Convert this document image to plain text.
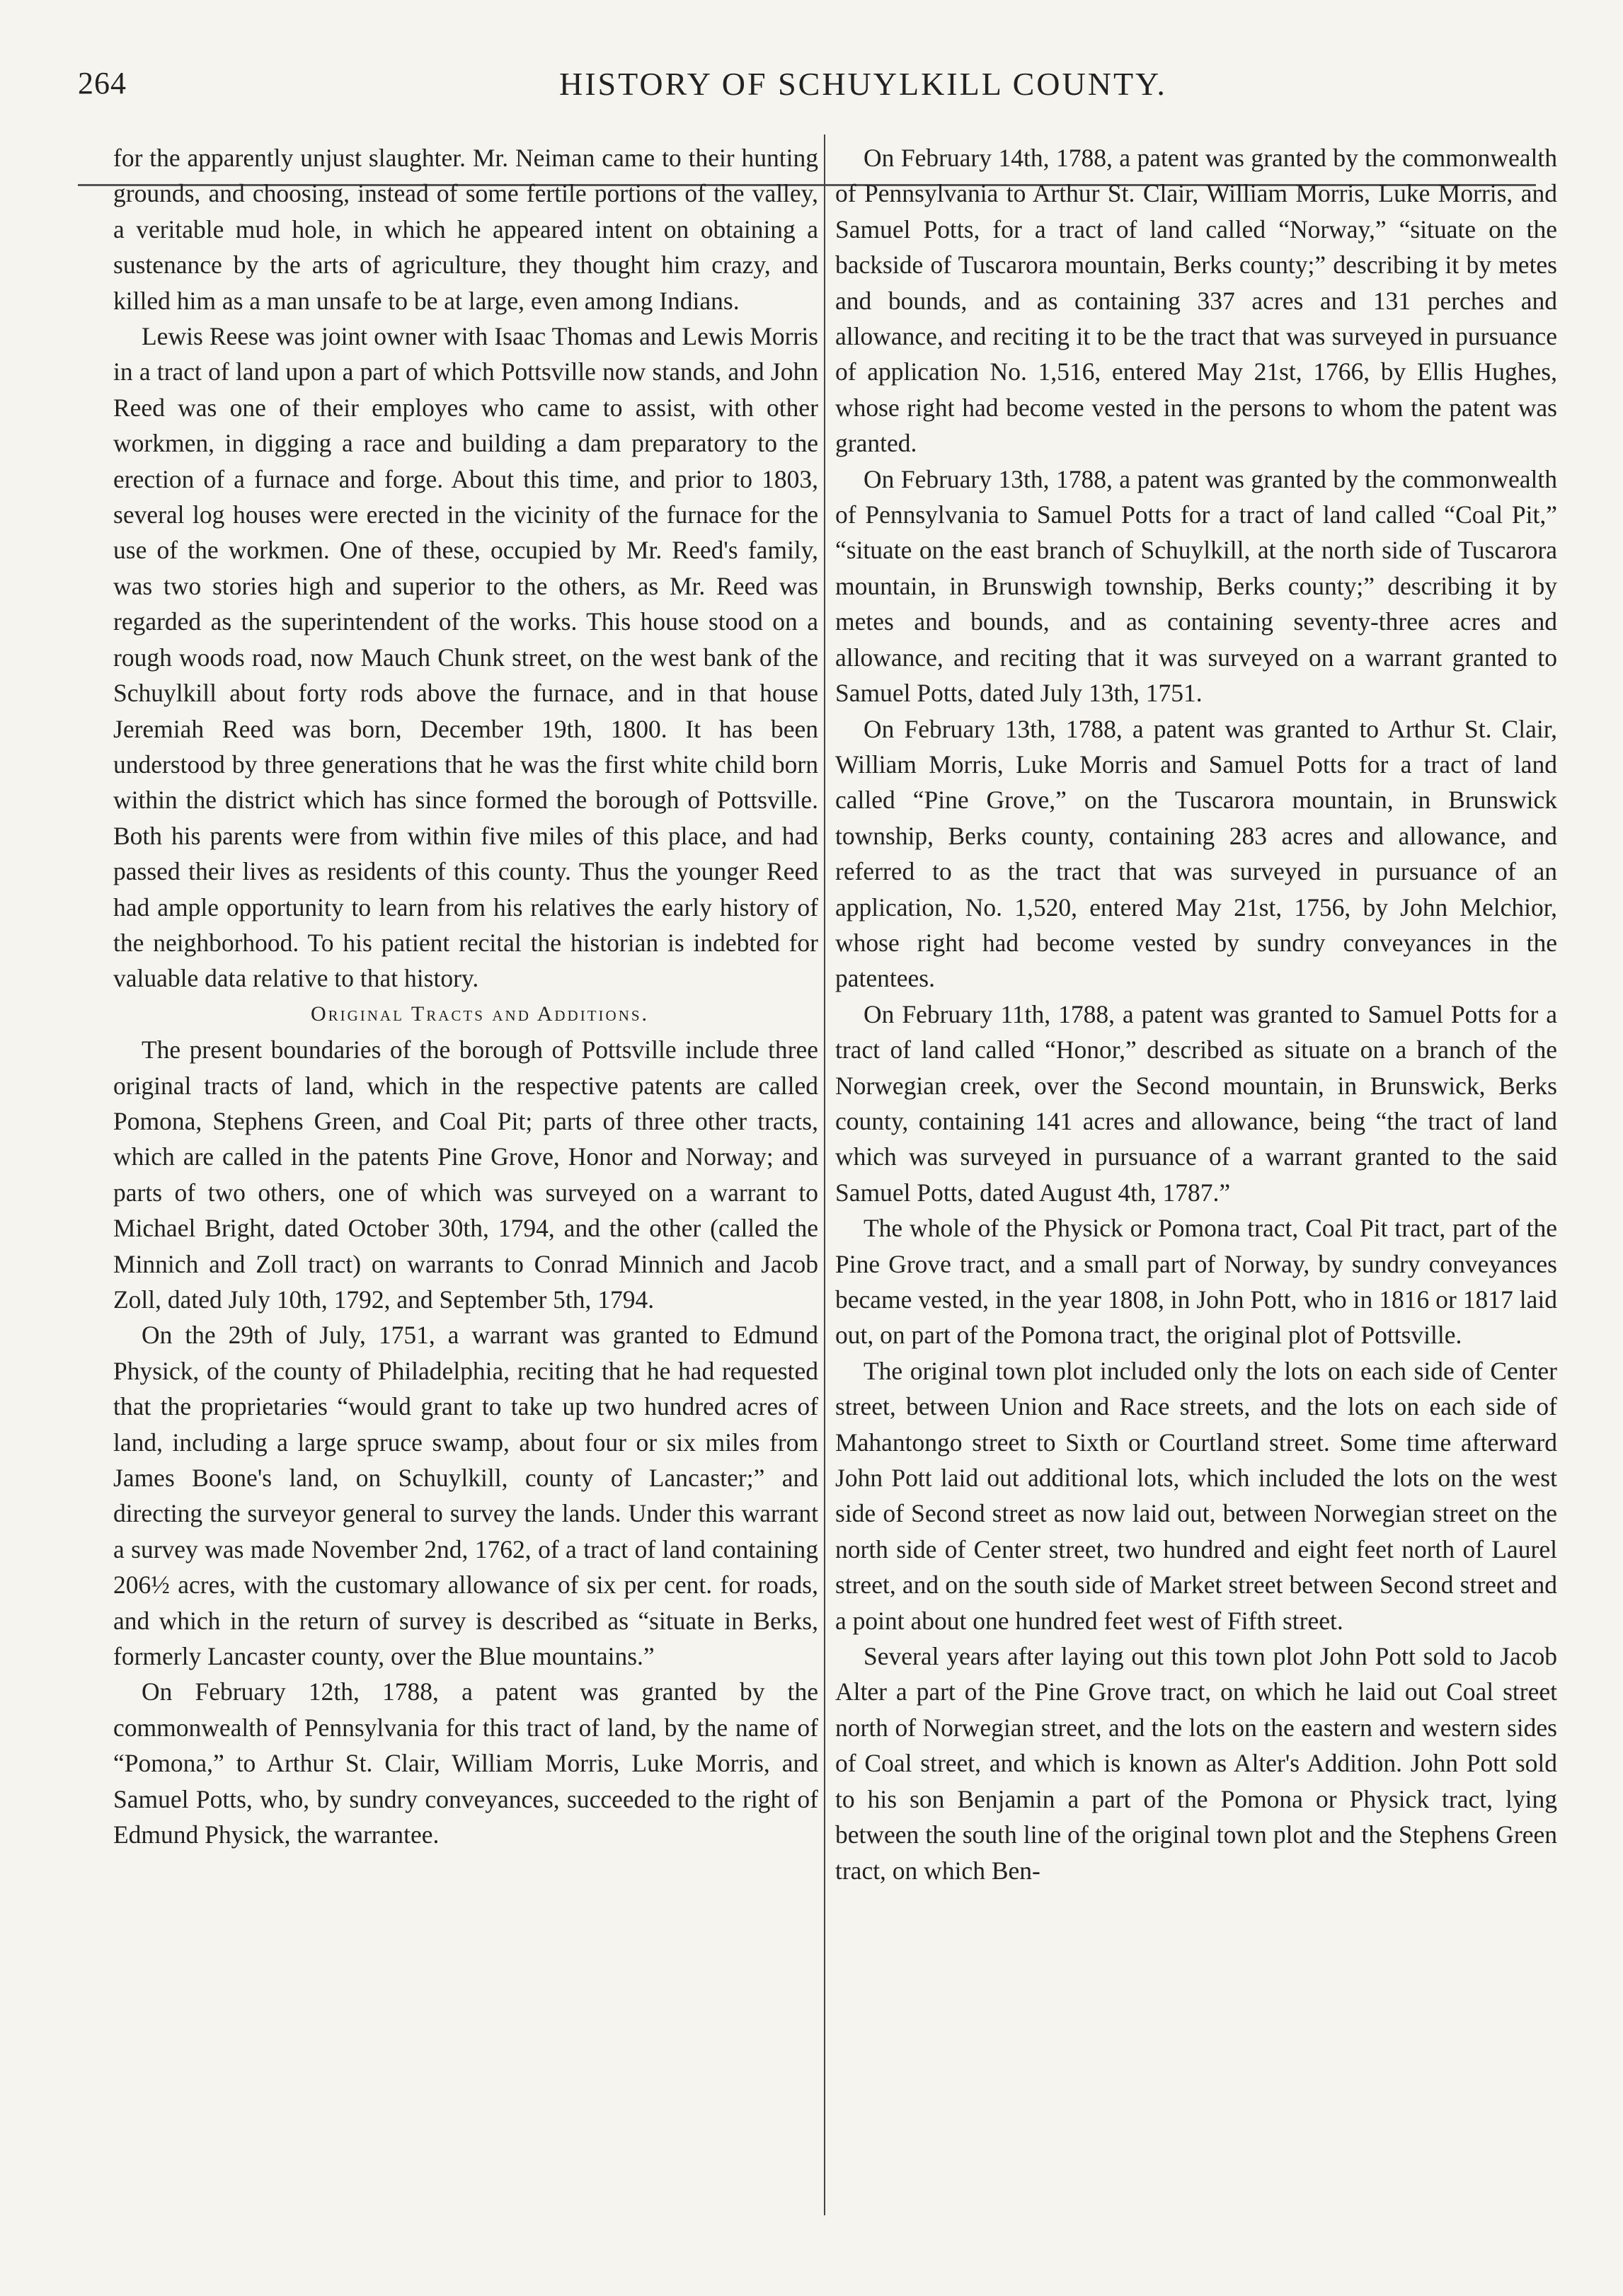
264	HISTORY OF SCHUYLKILL COUNTY.

for the apparently unjust slaughter. Mr. Neiman came to their hunting grounds, and choosing, instead of some fertile portions of the valley, a veritable mud hole, in which he appeared intent on obtaining a sustenance by the arts of agriculture, they thought him crazy, and killed him as a man unsafe to be at large, even among Indians.

Lewis Reese was joint owner with Isaac Thomas and Lewis Morris in a tract of land upon a part of which Pottsville now stands, and John Reed was one of their employes who came to assist, with other workmen, in digging a race and building a dam preparatory to the erection of a furnace and forge. About this time, and prior to 1803, several log houses were erected in the vicinity of the furnace for the use of the workmen. One of these, occupied by Mr. Reed's family, was two stories high and superior to the others, as Mr. Reed was regarded as the superintendent of the works. This house stood on a rough woods road, now Mauch Chunk street, on the west bank of the Schuylkill about forty rods above the furnace, and in that house Jeremiah Reed was born, December 19th, 1800. It has been understood by three generations that he was the first white child born within the district which has since formed the borough of Pottsville. Both his parents were from within five miles of this place, and had passed their lives as residents of this county. Thus the younger Reed had ample opportunity to learn from his relatives the early history of the neighborhood. To his patient recital the historian is indebted for valuable data relative to that history.

Original Tracts and Additions.

The present boundaries of the borough of Pottsville include three original tracts of land, which in the respective patents are called Pomona, Stephens Green, and Coal Pit; parts of three other tracts, which are called in the patents Pine Grove, Honor and Norway; and parts of two others, one of which was surveyed on a warrant to Michael Bright, dated October 30th, 1794, and the other (called the Minnich and Zoll tract) on warrants to Conrad Minnich and Jacob Zoll, dated July 10th, 1792, and September 5th, 1794.

On the 29th of July, 1751, a warrant was granted to Edmund Physick, of the county of Philadelphia, reciting that he had requested that the proprietaries “would grant to take up two hundred acres of land, including a large spruce swamp, about four or six miles from James Boone's land, on Schuylkill, county of Lancaster;” and directing the surveyor general to survey the lands. Under this warrant a survey was made November 2nd, 1762, of a tract of land containing 206½ acres, with the customary allowance of six per cent. for roads, and which in the return of survey is described as “situate in Berks, formerly Lancaster county, over the Blue mountains.”

On February 12th, 1788, a patent was granted by the commonwealth of Pennsylvania for this tract of land, by the name of “Pomona,” to Arthur St. Clair, William Morris, Luke Morris, and Samuel Potts, who, by sundry conveyances, succeeded to the right of Edmund Physick, the warrantee.

On February 14th, 1788, a patent was granted by the commonwealth of Pennsylvania to Arthur St. Clair, William Morris, Luke Morris, and Samuel Potts, for a tract of land called “Norway,” “situate on the backside of Tuscarora mountain, Berks county;” describing it by metes and bounds, and as containing 337 acres and 131 perches and allowance, and reciting it to be the tract that was surveyed in pursuance of application No. 1,516, entered May 21st, 1766, by Ellis Hughes, whose right had become vested in the persons to whom the patent was granted.

On February 13th, 1788, a patent was granted by the commonwealth of Pennsylvania to Samuel Potts for a tract of land called “Coal Pit,” “situate on the east branch of Schuylkill, at the north side of Tuscarora mountain, in Brunswigh township, Berks county;” describing it by metes and bounds, and as containing seventy-three acres and allowance, and reciting that it was surveyed on a warrant granted to Samuel Potts, dated July 13th, 1751.

On February 13th, 1788, a patent was granted to Arthur St. Clair, William Morris, Luke Morris and Samuel Potts for a tract of land called “Pine Grove,” on the Tuscarora mountain, in Brunswick township, Berks county, containing 283 acres and allowance, and referred to as the tract that was surveyed in pursuance of an application, No. 1,520, entered May 21st, 1756, by John Melchior, whose right had become vested by sundry conveyances in the patentees.

On February 11th, 1788, a patent was granted to Samuel Potts for a tract of land called “Honor,” described as situate on a branch of the Norwegian creek, over the Second mountain, in Brunswick, Berks county, containing 141 acres and allowance, being “the tract of land which was surveyed in pursuance of a warrant granted to the said Samuel Potts, dated August 4th, 1787.”

The whole of the Physick or Pomona tract, Coal Pit tract, part of the Pine Grove tract, and a small part of Norway, by sundry conveyances became vested, in the year 1808, in John Pott, who in 1816 or 1817 laid out, on part of the Pomona tract, the original plot of Pottsville.

The original town plot included only the lots on each side of Center street, between Union and Race streets, and the lots on each side of Mahantongo street to Sixth or Courtland street. Some time afterward John Pott laid out additional lots, which included the lots on the west side of Second street as now laid out, between Norwegian street on the north side of Center street, two hundred and eight feet north of Laurel street, and on the south side of Market street between Second street and a point about one hundred feet west of Fifth street.

Several years after laying out this town plot John Pott sold to Jacob Alter a part of the Pine Grove tract, on which he laid out Coal street north of Norwegian street, and the lots on the eastern and western sides of Coal street, and which is known as Alter's Addition. John Pott sold to his son Benjamin a part of the Pomona or Physick tract, lying between the south line of the original town plot and the Stephens Green tract, on which Ben-
